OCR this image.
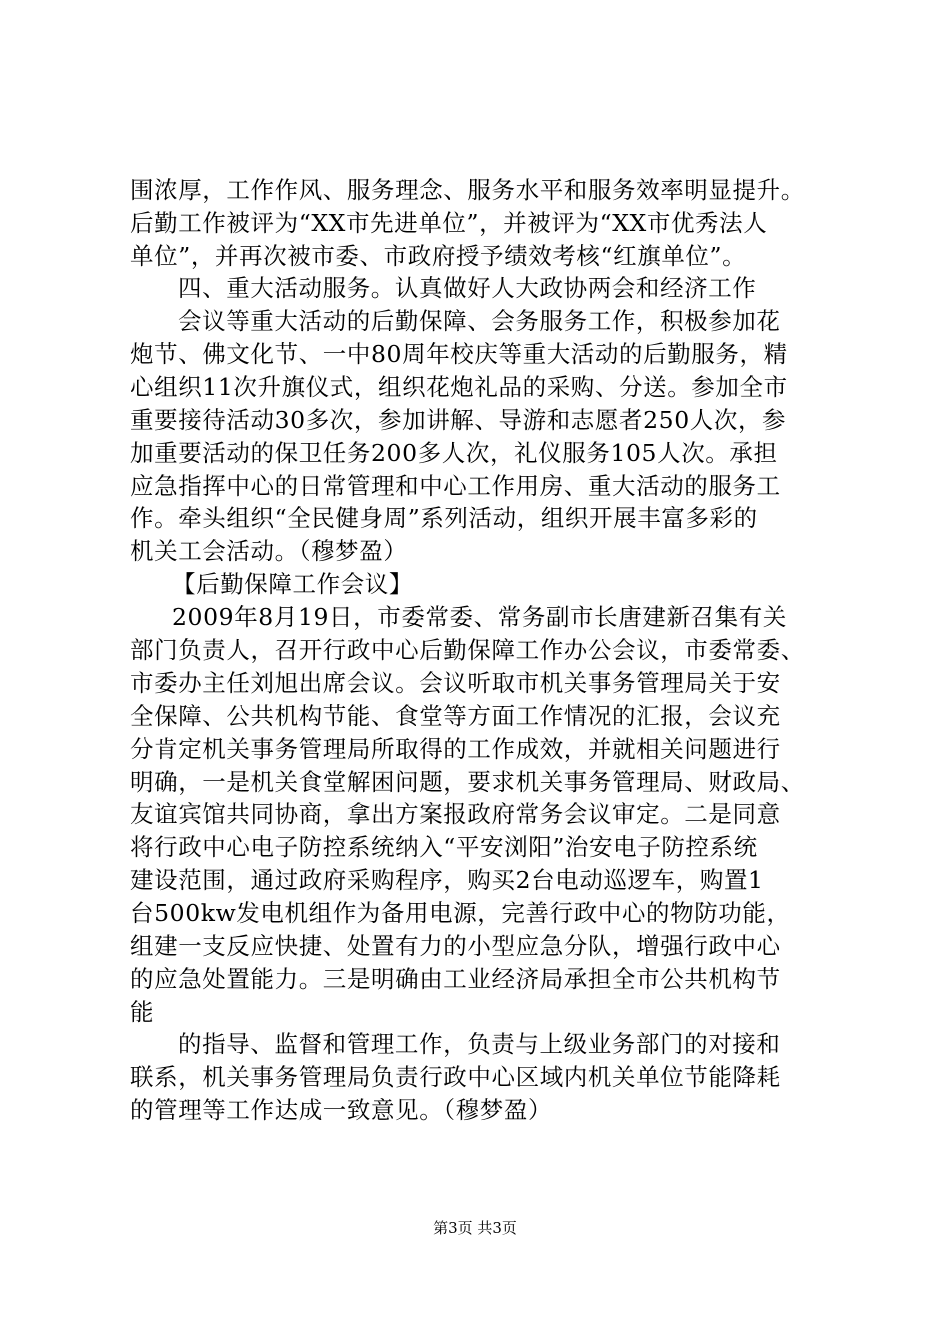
围浓厚，工作作风、服务理念、服务水平和服务效率明显提升。
后勤工作被评为“XX市先进单位”，并被评为“XX市优秀法人
单位”，并再次被市委、市政府授予绩效考核“红旗单位”。
四、重大活动服务。认真做好人大政协两会和经济工作
会议等重大活动的后勤保障、会务服务工作，积极参加花
炮节、佛文化节、一中80周年校庆等重大活动的后勤服务，精
心组织11次升旗仪式，组织花炮礼品的采购、分送。参加全市
重要接待活动30多次，参加讲解、导游和志愿者250人次，参
加重要活动的保卫任务200多人次，礼仪服务105人次。承担
应急指挥中心的日常管理和中心工作用房、重大活动的服务工
作。牵头组织“全民健身周”系列活动，组织开展丰富多彩的
机关工会活动。（穆梦盈）
【后勤保障工作会议】
2009年8月19日，市委常委、常务副市长唐建新召集有关
部门负责人，召开行政中心后勤保障工作办公会议，市委常委、
市委办主任刘旭出席会议。会议听取市机关事务管理局关于安
全保障、公共机构节能、食堂等方面工作情况的汇报，会议充
分肯定机关事务管理局所取得的工作成效，并就相关问题进行
明确，一是机关食堂解困问题，要求机关事务管理局、财政局、
友谊宾馆共同协商，拿出方案报政府常务会议审定。二是同意
将行政中心电子防控系统纳入“平安浏阳”治安电子防控系统
建设范围，通过政府采购程序，购买2台电动巡逻车，购置1
台500kw发电机组作为备用电源，完善行政中心的物防功能，
组建一支反应快捷、处置有力的小型应急分队，增强行政中心
的应急处置能力。三是明确由工业经济局承担全市公共机构节
能
的指导、监督和管理工作，负责与上级业务部门的对接和
联系，机关事务管理局负责行政中心区域内机关单位节能降耗
的管理等工作达成一致意见。（穆梦盈）
第3页 共3页
